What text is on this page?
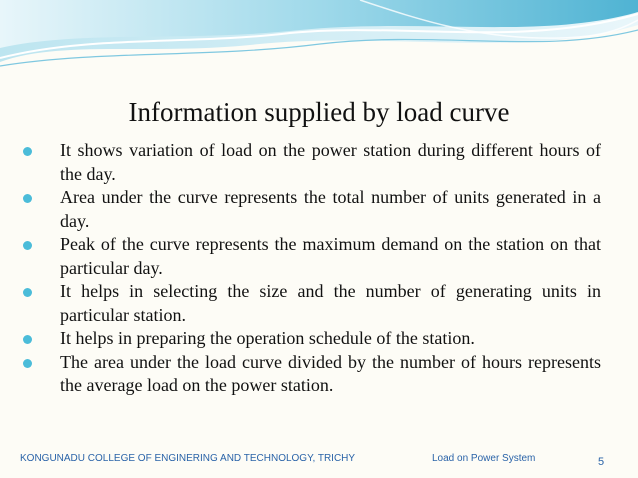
Information supplied by load curve
It shows variation of load on the power station during different hours of the day.
Area under the curve represents the total number of units generated in a day.
Peak of the curve represents the maximum demand on the station on that particular day.
It helps in selecting the size and the number of generating units in particular station.
It helps in preparing the operation schedule of the station.
The area under the load curve divided by the number of hours represents the average load on the power station.
KONGUNADU COLLEGE OF ENGINERING AND TECHNOLOGY, TRICHY	Load on Power System	5
